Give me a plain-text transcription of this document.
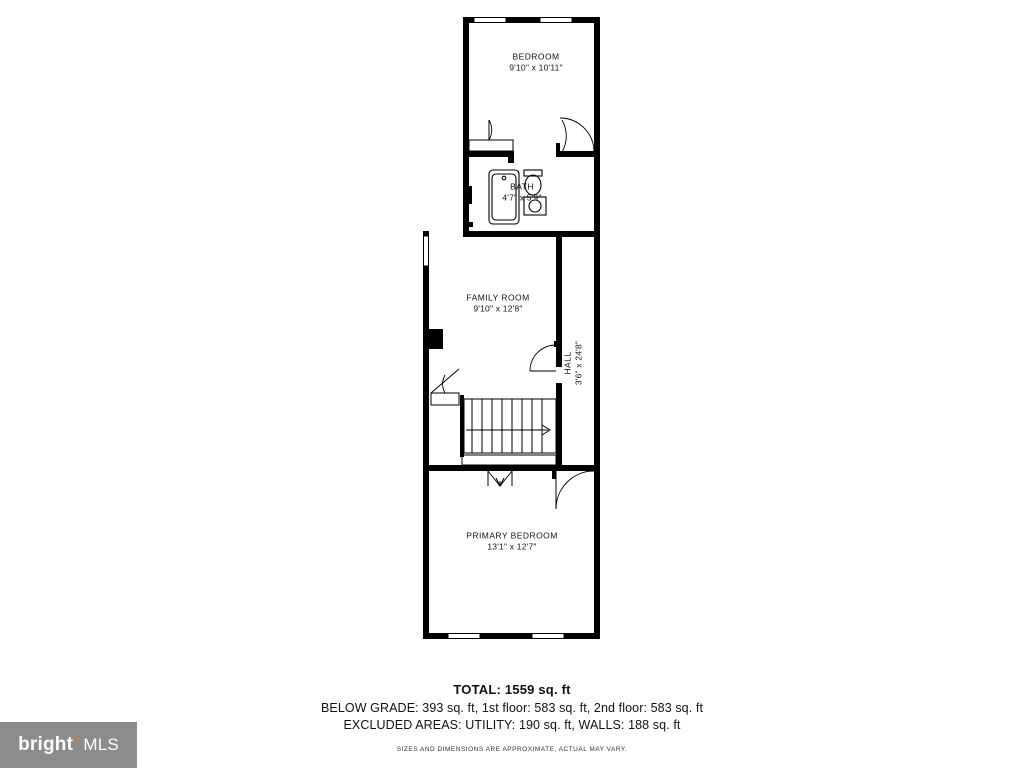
BEDROOM
9'10" x 10'11"
BATH
4'7" x 5'9"
FAMILY ROOM
9'10" x 12'8"
HALL 3'6" x 24'8"
PRIMARY BEDROOM
13'1" x 12'7"
TOTAL: 1559 sq. ft
BELOW GRADE: 393 sq. ft, 1st floor: 583 sq. ft, 2nd floor: 583 sq. ft
EXCLUDED AREAS: UTILITY: 190 sq. ft, WALLS: 188 sq. ft
SIZES AND DIMENSIONS ARE APPROXIMATE, ACTUAL MAY VARY.
bright™ MLS
